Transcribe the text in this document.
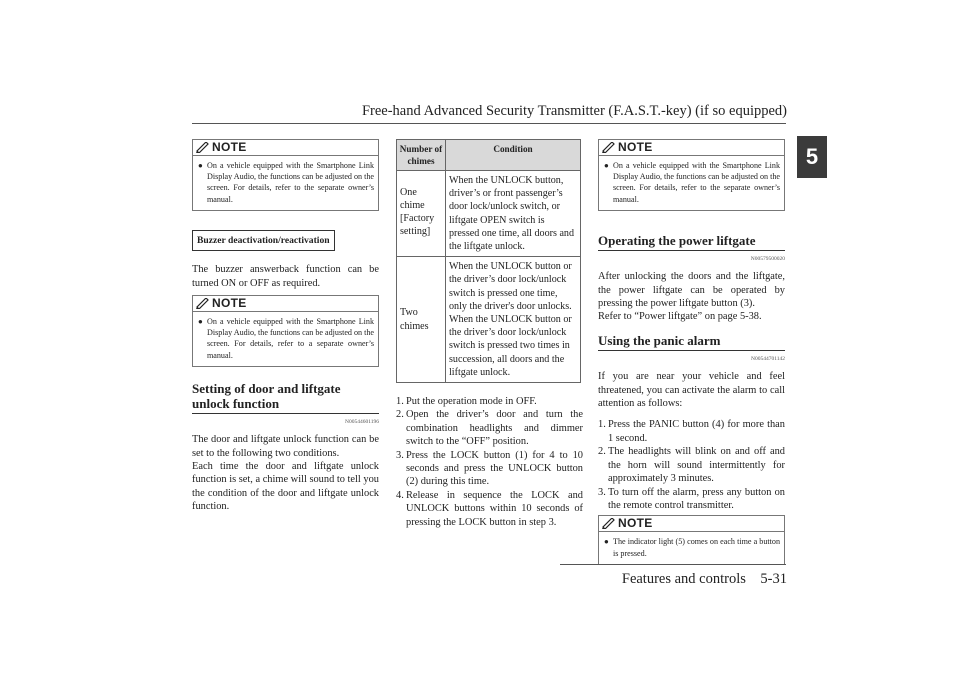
Free-hand Advanced Security Transmitter (F.A.S.T.-key) (if so equipped)
5
NOTE
● On a vehicle equipped with the Smartphone Link Display Audio, the functions can be adjusted on the screen. For details, refer to the separate owner’s manual.
Buzzer deactivation/reactivation
The buzzer answerback function can be turned ON or OFF as required.
NOTE
● On a vehicle equipped with the Smartphone Link Display Audio, the functions can be adjusted on the screen. For details, refer to a separate owner’s manual.
Setting of door and liftgate unlock function
N00544601196
The door and liftgate unlock function can be set to the following two conditions.
Each time the door and liftgate unlock function is set, a chime will sound to tell you the condition of the door and liftgate unlock function.
Number of chimes	Condition
One chime [Factory setting]	When the UNLOCK button, driver’s or front passenger’s door lock/unlock switch, or liftgate OPEN switch is pressed one time, all doors and the liftgate unlock.
Two chimes	When the UNLOCK button or the driver’s door lock/unlock switch is pressed one time, only the driver's door unlocks. When the UNLOCK button or the driver’s door lock/unlock switch is pressed two times in succession, all doors and the liftgate unlock.
1. Put the operation mode in OFF.
2. Open the driver’s door and turn the combination headlights and dimmer switch to the “OFF” position.
3. Press the LOCK button (1) for 4 to 10 seconds and press the UNLOCK button (2) during this time.
4. Release in sequence the LOCK and UNLOCK buttons within 10 seconds of pressing the LOCK button in step 3.
NOTE
● On a vehicle equipped with the Smartphone Link Display Audio, the functions can be adjusted on the screen. For details, refer to the separate owner’s manual.
Operating the power liftgate
N00579500020
After unlocking the doors and the liftgate, the power liftgate can be operated by pressing the power liftgate button (3).
Refer to “Power liftgate” on page 5-38.
Using the panic alarm
N00544701142
If you are near your vehicle and feel threatened, you can activate the alarm to call attention as follows:
1. Press the PANIC button (4) for more than 1 second.
2. The headlights will blink on and off and the horn will sound intermittently for approximately 3 minutes.
3. To turn off the alarm, press any button on the remote control transmitter.
NOTE
● The indicator light (5) comes on each time a button is pressed.
Features and controls 5-31
